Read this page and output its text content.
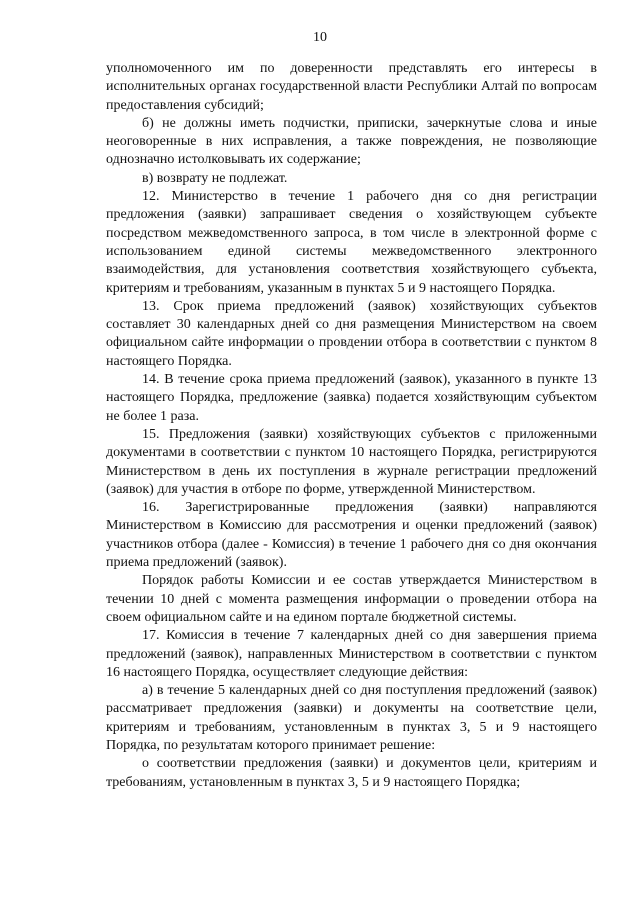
10

уполномоченного им по доверенности представлять его интересы в исполнительных органах государственной власти Республики Алтай по вопросам предоставления субсидий;

б) не должны иметь подчистки, приписки, зачеркнутые слова и иные неоговоренные в них исправления, а также повреждения, не позволяющие однозначно истолковывать их содержание;

в) возврату не подлежат.

12. Министерство в течение 1 рабочего дня со дня регистрации предложения (заявки) запрашивает сведения о хозяйствующем субъекте посредством межведомственного запроса, в том числе в электронной форме с использованием единой системы межведомственного электронного взаимодействия, для установления соответствия хозяйствующего субъекта, критериям и требованиям, указанным в пунктах 5 и 9 настоящего Порядка.

13. Срок приема предложений (заявок) хозяйствующих субъектов составляет 30 календарных дней со дня размещения Министерством на своем официальном сайте информации о провдении отбора в соответствии с пунктом 8 настоящего Порядка.

14. В течение срока приема предложений (заявок), указанного в пункте 13 настоящего Порядка, предложение (заявка) подается хозяйствующим субъектом не более 1 раза.

15. Предложения (заявки) хозяйствующих субъектов с приложенными документами в соответствии с пунктом 10 настоящего Порядка, регистрируются Министерством в день их поступления в журнале регистрации предложений (заявок) для участия в отборе по форме, утвержденной Министерством.

16. Зарегистрированные предложения (заявки) направляются Министерством в Комиссию для рассмотрения и оценки предложений (заявок) участников отбора (далее - Комиссия) в течение 1 рабочего дня со дня окончания приема предложений (заявок).

Порядок работы Комиссии и ее состав утверждается Министерством в течении 10 дней с момента размещения информации о проведении отбора на своем официальном сайте и на едином портале бюджетной системы.

17. Комиссия в течение 7 календарных дней со дня завершения приема предложений (заявок), направленных Министерством в соответствии с пунктом 16 настоящего Порядка, осуществляет следующие действия:

а) в течение 5 календарных дней со дня поступления предложений (заявок) рассматривает предложения (заявки) и документы на соответствие цели, критериям и требованиям, установленным в пунктах 3, 5 и 9 настоящего Порядка, по результатам которого принимает решение:

о соответствии предложения (заявки) и документов цели, критериям и требованиям, установленным в пунктах 3, 5 и 9 настоящего Порядка;
